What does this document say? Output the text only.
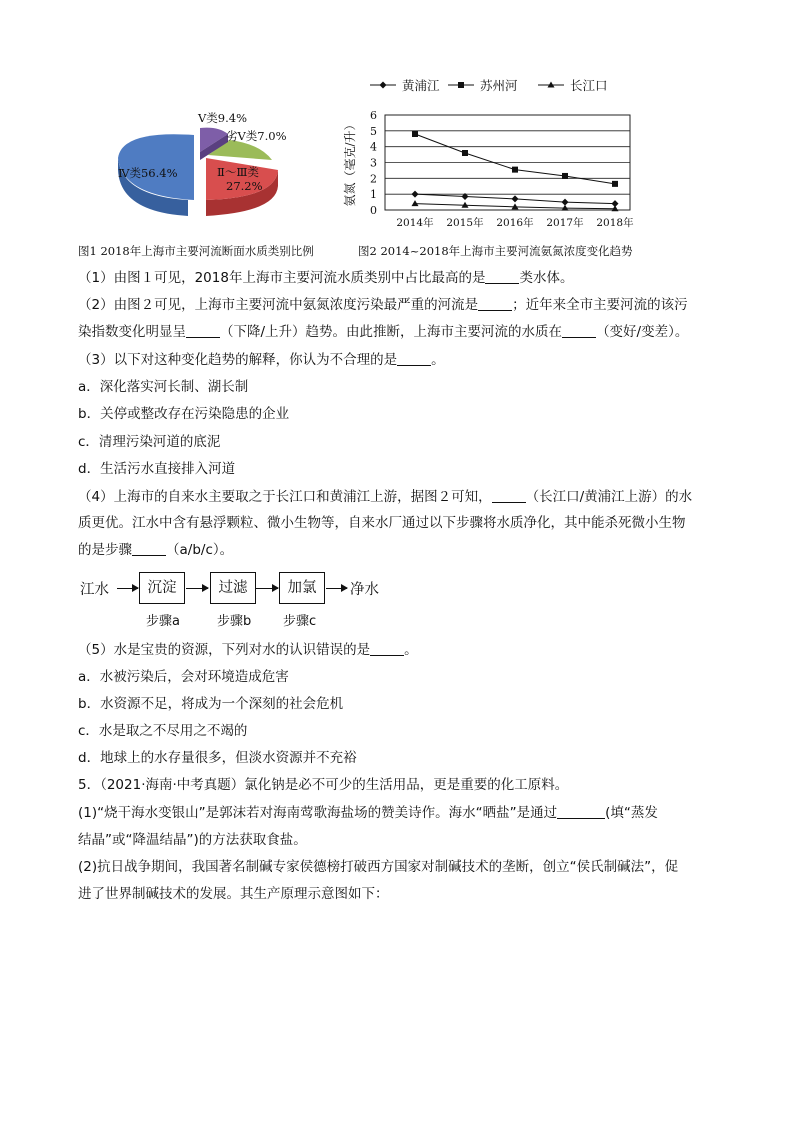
Ⅳ类56.4%	Ⅱ～Ⅲ类
27.2%
劣Ⅴ类7.0%
Ⅴ类9.4%
图1 2018年上海市主要河流断面水质类别比例
0
1
2
3
4
5
6
2014年 2015年 2016年 2017年 2018年
氨氮（毫克/升）
黄浦江	苏州河	长江口
图2 2014~2018年上海市主要河流氨氮浓度变化趋势
（1）由图１可见，2018年上海市主要河流水质类别中占比最高的是	类水体。
（2）由图２可见，上海市主要河流中氨氮浓度污染最严重的河流是	；近年来全市主要河流的该污
染指数变化明显呈	（下降/上升）趋势。由此推断，上海市主要河流的水质在	（变好/变差）。
（3）以下对这种变化趋势的解释，你认为不合理的是	。
a．深化落实河长制、湖长制
b．关停或整改存在污染隐患的企业
c．清理污染河道的底泥
d．生活污水直接排入河道
（4）上海市的自来水主要取之于长江口和黄浦江上游，据图２可知，	（长江口/黄浦江上游）的水
质更优。江水中含有悬浮颗粒、微小生物等，自来水厂通过以下步骤将水质净化，其中能杀死微小生物
的是步骤	（a/b/c）。
江水	沉淀	过滤	加氯	净水
步骤a	步骤b 步骤c
（5）水是宝贵的资源，下列对水的认识错误的是	。
a．水被污染后，会对环境造成危害
b．水资源不足，将成为一个深刻的社会危机
c．水是取之不尽用之不竭的
d．地球上的水存量很多，但淡水资源并不充裕
5．（2021·海南·中考真题）氯化钠是必不可少的生活用品，更是重要的化工原料。
(1)“烧干海水变银山”是郭沫若对海南莺歌海盐场的赞美诗作。海水“晒盐”是通过	(填“蒸发
结晶”或“降温结晶”)的方法获取食盐。
(2)抗日战争期间，我国著名制碱专家侯德榜打破西方国家对制碱技术的垄断，创立“侯氏制碱法”，促
进了世界制碱技术的发展。其生产原理示意图如下：
